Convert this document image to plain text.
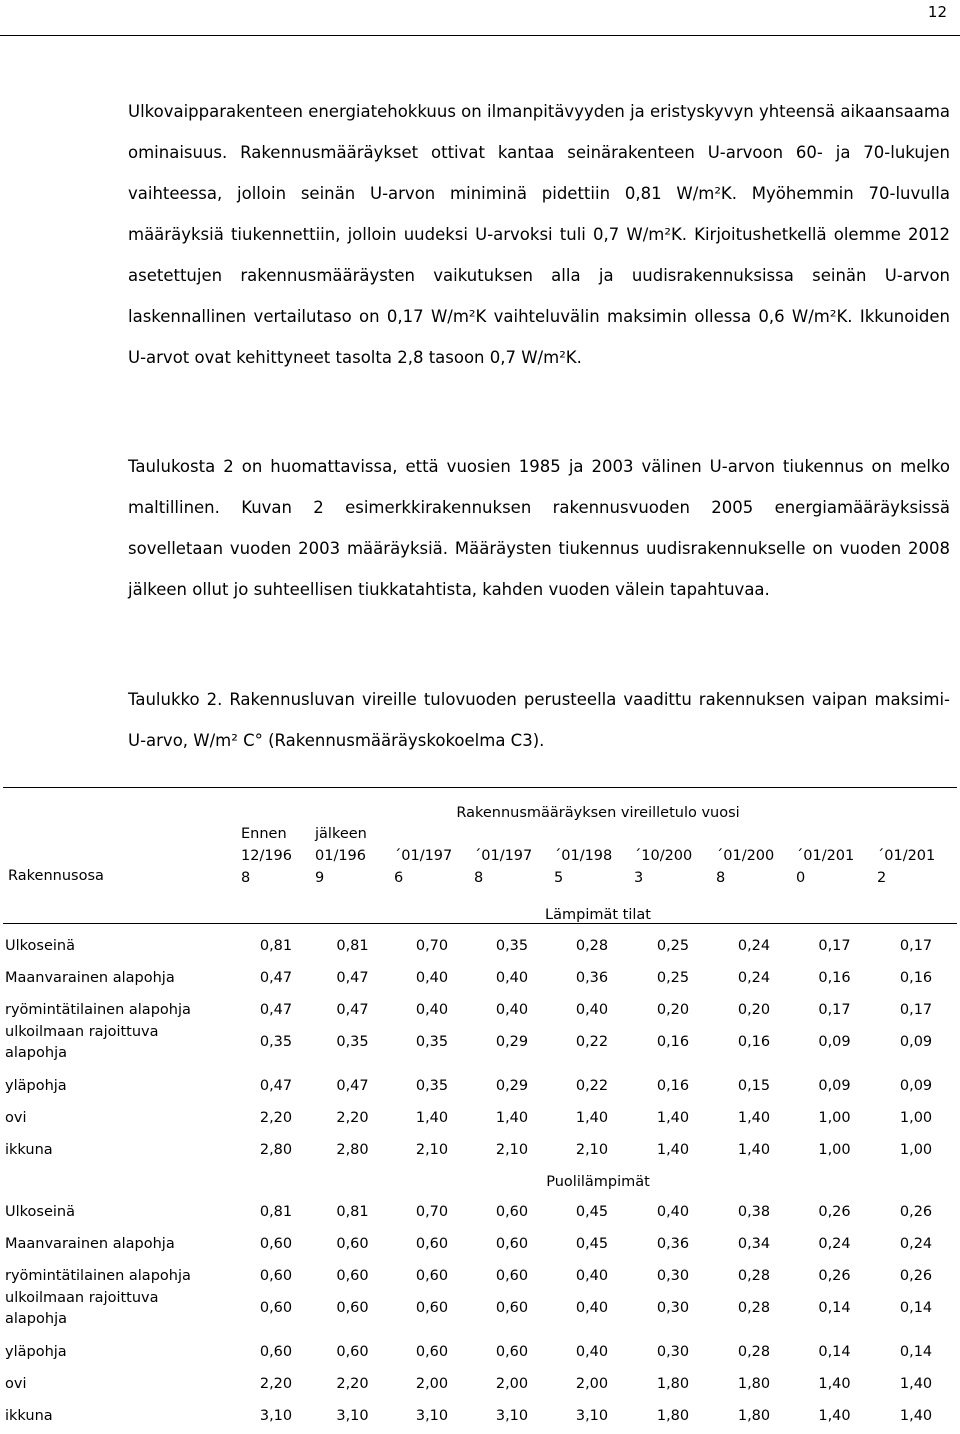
12

Ulkovaipparakenteen energiatehokkuus on ilmanpitävyyden ja eristyskyvyn yhteensä aikaansaama ominaisuus. Rakennusmääräykset ottivat kantaa seinärakenteen U-arvoon 60- ja 70-lukujen vaihteessa, jolloin seinän U-arvon miniminä pidettiin 0,81 W/m²K. Myöhemmin 70-luvulla määräyksiä tiukennettiin, jolloin uudeksi U-arvoksi tuli 0,7 W/m²K. Kirjoitushetkellä olemme 2012 asetettujen rakennusmääräysten vaikutuksen alla ja uudisrakennuksissa seinän U-arvon laskennallinen vertailutaso on 0,17 W/m²K vaihteluvälin maksimin ollessa 0,6 W/m²K. Ikkunoiden U-arvot ovat kehittyneet tasolta 2,8 tasoon 0,7 W/m²K.

Taulukosta 2 on huomattavissa, että vuosien 1985 ja 2003 välinen U-arvon tiukennus on melko maltillinen. Kuvan 2 esimerkkirakennuksen rakennusvuoden 2005 energiamääräyksissä sovelletaan vuoden 2003 määräyksiä. Määräysten tiukennus uudisrakennukselle on vuoden 2008 jälkeen ollut jo suhteellisen tiukkatahtista, kahden vuoden välein tapahtuvaa.

Taulukko 2. Rakennusluvan vireille tulovuoden perusteella vaadittu rakennuksen vaipan maksimi-U-arvo, W/m² C° (Rakennusmääräyskokoelma C3).

	Rakennusmääräyksen vireilletulo vuosi								
Rakennusosa	Ennen
12/196
8	jälkeen
01/196
9	´01/197
6	´01/197
8	´01/198
5	´10/200
3	´01/200
8	´01/201
0	´01/201
2
	Lämpimät tilat								
Ulkoseinä	0,81	0,81	0,70	0,35	0,28	0,25	0,24	0,17	0,17
Maanvarainen alapohja	0,47	0,47	0,40	0,40	0,36	0,25	0,24	0,16	0,16
ryömintätilainen alapohja	0,47	0,47	0,40	0,40	0,40	0,20	0,20	0,17	0,17
ulkoilmaan rajoittuva
alapohja	0,35	0,35	0,35	0,29	0,22	0,16	0,16	0,09	0,09
yläpohja	0,47	0,47	0,35	0,29	0,22	0,16	0,15	0,09	0,09
ovi	2,20	2,20	1,40	1,40	1,40	1,40	1,40	1,00	1,00
ikkuna	2,80	2,80	2,10	2,10	2,10	1,40	1,40	1,00	1,00
	Puolilämpimät								
Ulkoseinä	0,81	0,81	0,70	0,60	0,45	0,40	0,38	0,26	0,26
Maanvarainen alapohja	0,60	0,60	0,60	0,60	0,45	0,36	0,34	0,24	0,24
ryömintätilainen alapohja	0,60	0,60	0,60	0,60	0,40	0,30	0,28	0,26	0,26
ulkoilmaan rajoittuva
alapohja	0,60	0,60	0,60	0,60	0,40	0,30	0,28	0,14	0,14
yläpohja	0,60	0,60	0,60	0,60	0,40	0,30	0,28	0,14	0,14
ovi	2,20	2,20	2,00	2,00	2,00	1,80	1,80	1,40	1,40
ikkuna	3,10	3,10	3,10	3,10	3,10	1,80	1,80	1,40	1,40
